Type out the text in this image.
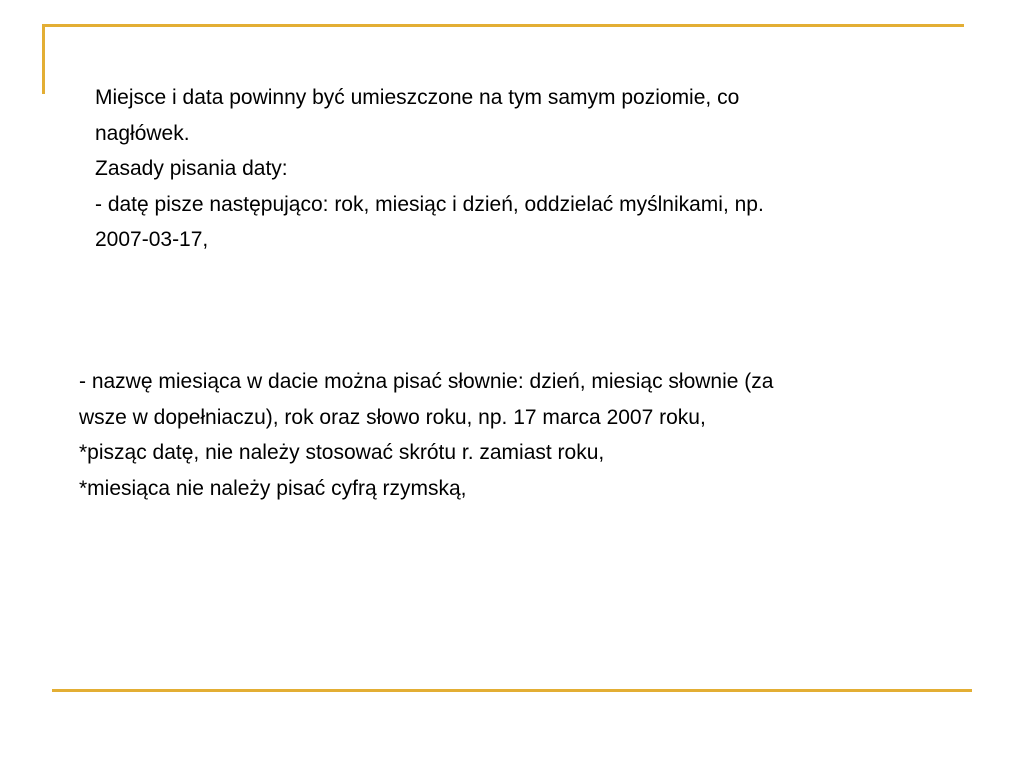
Miejsce i data powinny być umieszczone na tym samym poziomie, co
nagłówek.
Zasady pisania daty:
- datę pisze następująco: rok, miesiąc i dzień, oddzielać myślnikami, np.
2007-03-17,
- nazwę miesiąca w dacie można pisać słownie: dzień, miesiąc słownie (za
wsze w dopełniaczu), rok oraz słowo roku, np. 17 marca 2007 roku,
*pisząc datę, nie należy stosować skrótu r. zamiast roku,
*miesiąca nie należy pisać cyfrą rzymską,
